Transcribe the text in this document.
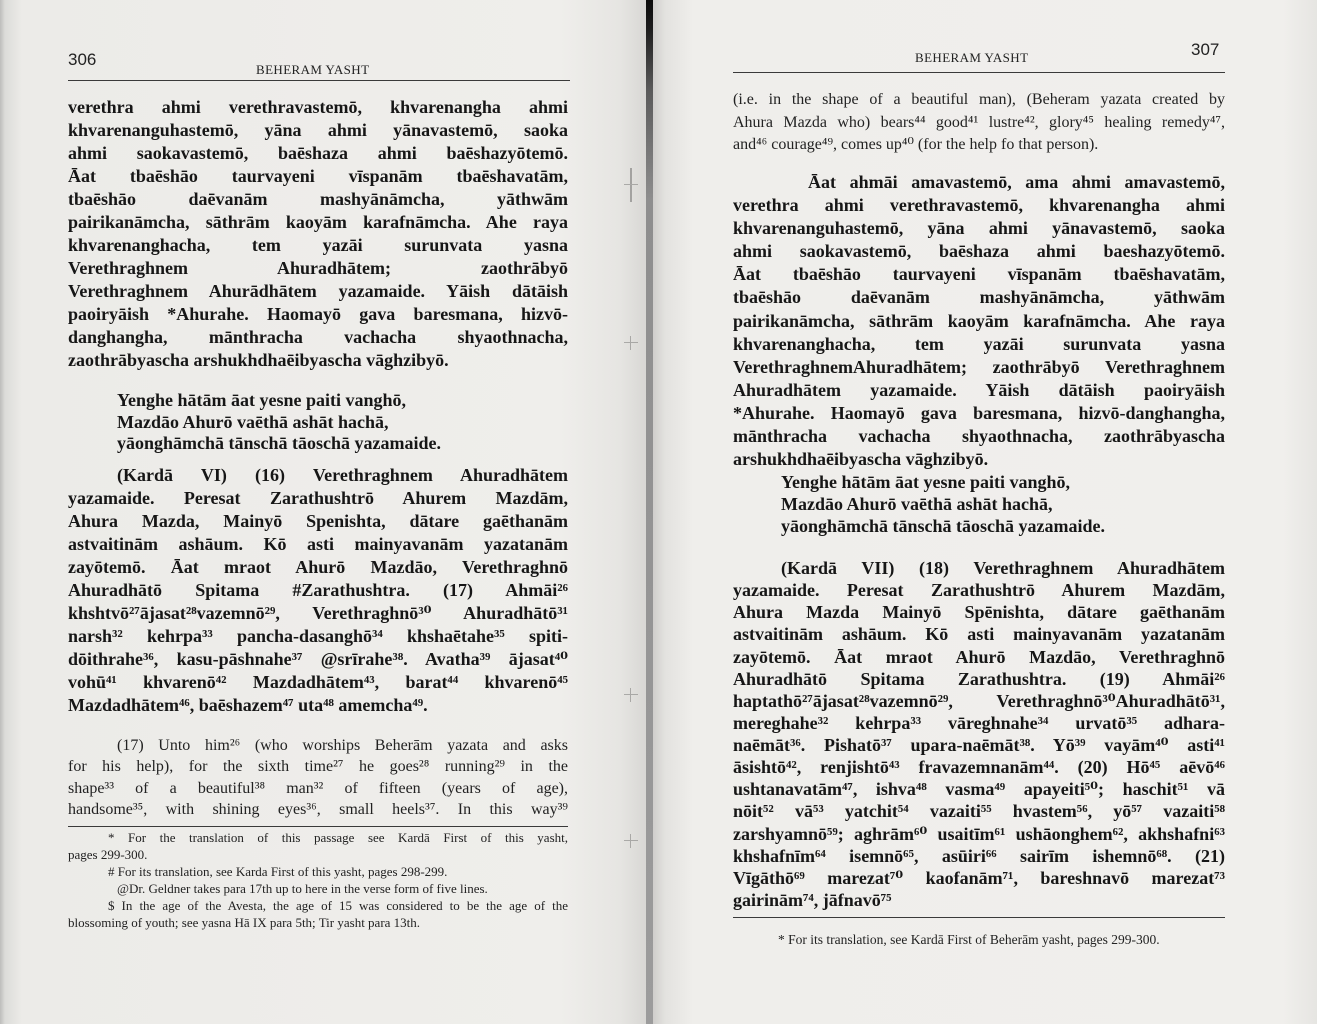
306
BEHERAM YASHT
verethra ahmi verethravastemō, khvarenangha ahmi
khvarenanguhastemō, yāna ahmi yānavastemō, saoka
ahmi saokavastemō, baēshaza ahmi baēshazyōtemō.
Āat tbaēshāo taurvayeni vīspanām tbaēshavatām,
tbaēshāo daēvanām mashyānāmcha, yāthwām
pairikanāmcha, sāthrām kaoyām karafnāmcha. Ahe raya
khvarenanghacha, tem yazāi surunvata yasna
Verethraghnem Ahuradhātem; zaothrābyō
Verethraghnem Ahurādhātem yazamaide. Yāish dātāish
paoiryāish *Ahurahe. Haomayō gava baresmana, hizvō-
danghangha, mānthracha vachacha shyaothnacha,
zaothrābyascha arshukhdhaēibyascha vāghzibyō.
Yenghe hātām āat yesne paiti vanghō,
Mazdāo Ahurō vaēthā ashāt hachā,
yāonghāmchā tānschā tāoschā yazamaide.
(Kardā VI) (16) Verethraghnem Ahuradhātem
yazamaide. Peresat Zarathushtrō Ahurem Mazdām,
Ahura Mazda, Mainyō Spenishta, dātare gaēthanām
astvaitinām ashāum. Kō asti mainyavanām yazatanām
zayōtemō. Āat mraot Ahurō Mazdāo, Verethraghnō
Ahuradhātō Spitama #Zarathushtra. (17) Ahmāi²⁶
khshtvō²⁷ājasat²⁸vazemnō²⁹, Verethraghnō³⁰ Ahuradhātō³¹
narsh³² kehrpa³³ pancha-dasanghō³⁴ khshaētahe³⁵ spiti-
dōithrahe³⁶, kasu-pāshnahe³⁷ @srīrahe³⁸. Avatha³⁹ ājasat⁴⁰
vohū⁴¹ khvarenō⁴² Mazdadhātem⁴³, barat⁴⁴ khvarenō⁴⁵
Mazdadhātem⁴⁶, baēshazem⁴⁷ uta⁴⁸ amemcha⁴⁹.
(17) Unto him²⁶ (who worships Beherām yazata and asks
for his help), for the sixth time²⁷ he goes²⁸ running²⁹ in the
shape³³ of a beautiful³⁸ man³² of fifteen (years of age),
handsome³⁵, with shining eyes³⁶, small heels³⁷. In this way³⁹
* For the translation of this passage see Kardā First of this yasht,
pages 299-300.
# For its translation, see Karda First of this yasht, pages 298-299.
@Dr. Geldner takes para 17th up to here in the verse form of five lines.
$ In the age of the Avesta, the age of 15 was considered to be the age of the
blossoming of youth; see yasna Hā IX para 5th; Tir yasht para 13th.
BEHERAM YASHT	307
(i.e. in the shape of a beautiful man), (Beheram yazata created by
Ahura Mazda who) bears⁴⁴ good⁴¹ lustre⁴², glory⁴⁵ healing remedy⁴⁷,
and⁴⁶ courage⁴⁹, comes up⁴⁰ (for the help fo that person).
Āat ahmāi amavastemō, ama ahmi amavastemō,
verethra ahmi verethravastemō, khvarenangha ahmi
khvarenanguhastemō, yāna ahmi yānavastemō, saoka
ahmi saokavastemō, baēshaza ahmi baeshazyōtemō.
Āat tbaēshāo taurvayeni vīspanām tbaēshavatām,
tbaēshāo daēvanām mashyānāmcha, yāthwām
pairikanāmcha, sāthrām kaoyām karafnāmcha. Ahe raya
khvarenanghacha, tem yazāi surunvata yasna
VerethraghnemAhuradhātem; zaothrābyō Verethraghnem
Ahuradhātem yazamaide. Yāish dātāish paoiryāish
*Ahurahe. Haomayō gava baresmana, hizvō-danghangha,
mānthracha vachacha shyaothnacha, zaothrābyascha
arshukhdhaēibyascha vāghzibyō.
Yenghe hātām āat yesne paiti vanghō,
Mazdāo Ahurō vaēthā ashāt hachā,
yāonghāmchā tānschā tāoschā yazamaide.
(Kardā VII) (18) Verethraghnem Ahuradhātem
yazamaide. Peresat Zarathushtrō Ahurem Mazdām,
Ahura Mazda Mainyō Spēnishta, dātare gaēthanām
astvaitinām ashāum. Kō asti mainyavanām yazatanām
zayōtemō. Āat mraot Ahurō Mazdāo, Verethraghnō
Ahuradhātō Spitama Zarathushtra. (19) Ahmāi²⁶
haptathō²⁷ājasat²⁸vazemnō²⁹, Verethraghnō³⁰Ahuradhātō³¹,
mereghahe³² kehrpa³³ vāreghnahe³⁴ urvatō³⁵ adhara-
naēmāt³⁶. Pishatō³⁷ upara-naēmāt³⁸. Yō³⁹ vayām⁴⁰ asti⁴¹
āsishtō⁴², renjishtō⁴³ fravazemnanām⁴⁴. (20) Hō⁴⁵ aēvō⁴⁶
ushtanavatām⁴⁷, ishva⁴⁸ vasma⁴⁹ apayeiti⁵⁰; haschit⁵¹ vā
nōit⁵² vā⁵³ yatchit⁵⁴ vazaiti⁵⁵ hvastem⁵⁶, yō⁵⁷ vazaiti⁵⁸
zarshyamnō⁵⁹; aghrām⁶⁰ usaitīm⁶¹ ushāonghem⁶², akhshafni⁶³
khshafnīm⁶⁴ isemnō⁶⁵, asūiri⁶⁶ sairīm ishemnō⁶⁸. (21)
Vīgāthō⁶⁹ marezat⁷⁰ kaofanām⁷¹, bareshnavō marezat⁷³
gairinām⁷⁴, jāfnavō⁷⁵
* For its translation, see Kardā First of Beherām yasht, pages 299-300.
